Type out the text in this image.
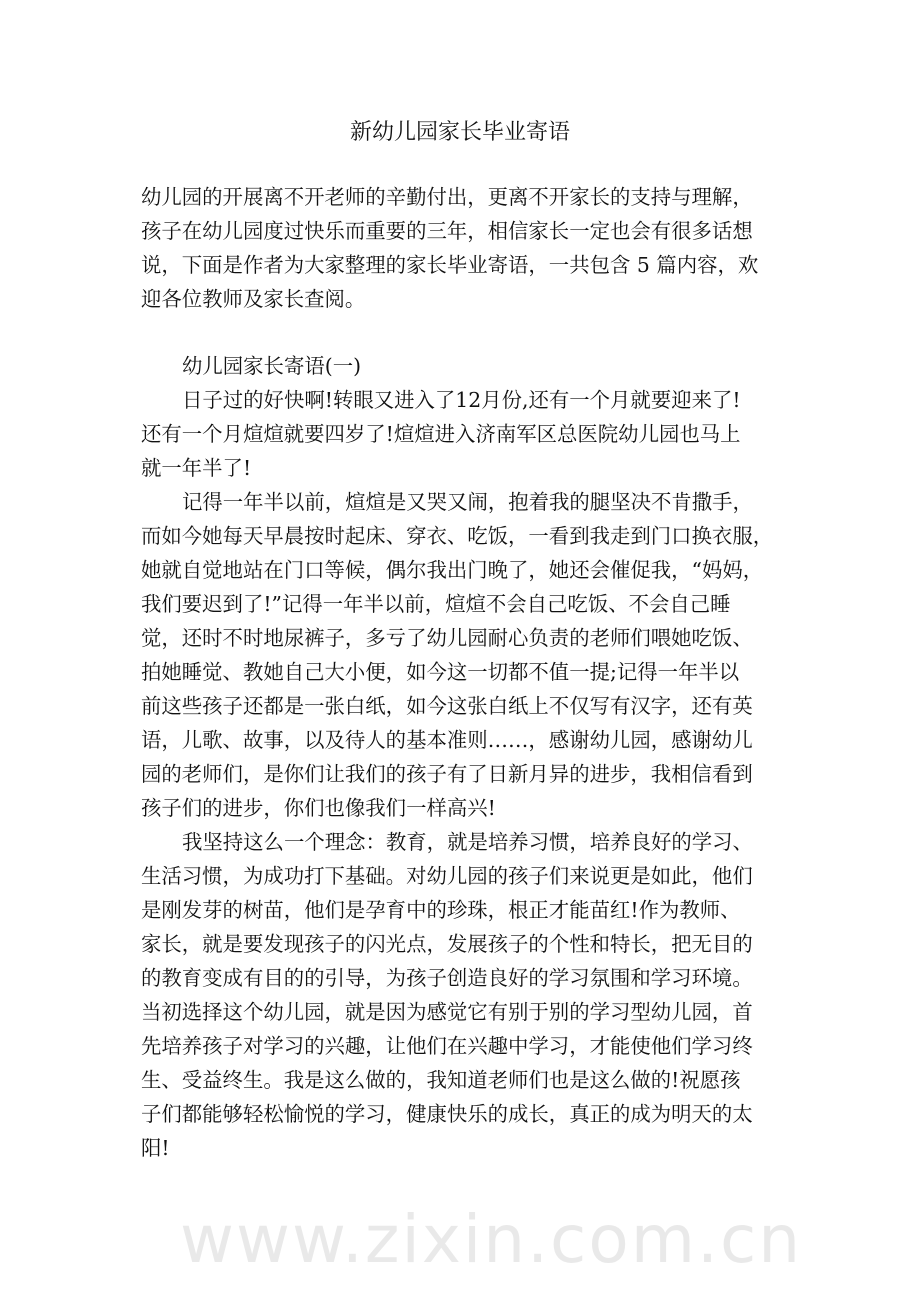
新幼儿园家长毕业寄语
幼儿园的开展离不开老师的辛勤付出，更离不开家长的支持与理解，
孩子在幼儿园度过快乐而重要的三年，相信家长一定也会有很多话想
说，下面是作者为大家整理的家长毕业寄语，一共包含 5 篇内容，欢
迎各位教师及家长查阅。
幼儿园家长寄语(一)
日子过的好快啊!转眼又进入了12月份,还有一个月就要迎来了!
还有一个月煊煊就要四岁了!煊煊进入济南军区总医院幼儿园也马上
就一年半了!
记得一年半以前，煊煊是又哭又闹，抱着我的腿坚决不肯撒手，
而如今她每天早晨按时起床、穿衣、吃饭，一看到我走到门口换衣服，
她就自觉地站在门口等候，偶尔我出门晚了，她还会催促我，“妈妈，
我们要迟到了!”记得一年半以前，煊煊不会自己吃饭、不会自己睡
觉，还时不时地尿裤子，多亏了幼儿园耐心负责的老师们喂她吃饭、
拍她睡觉、教她自己大小便，如今这一切都不值一提;记得一年半以
前这些孩子还都是一张白纸，如今这张白纸上不仅写有汉字，还有英
语，儿歌、故事，以及待人的基本准则……，感谢幼儿园，感谢幼儿
园的老师们，是你们让我们的孩子有了日新月异的进步，我相信看到
孩子们的进步，你们也像我们一样高兴!
我坚持这么一个理念：教育，就是培养习惯，培养良好的学习、
生活习惯，为成功打下基础。对幼儿园的孩子们来说更是如此，他们
是刚发芽的树苗，他们是孕育中的珍珠，根正才能苗红!作为教师、
家长，就是要发现孩子的闪光点，发展孩子的个性和特长，把无目的
的教育变成有目的的引导，为孩子创造良好的学习氛围和学习环境。
当初选择这个幼儿园，就是因为感觉它有别于别的学习型幼儿园，首
先培养孩子对学习的兴趣，让他们在兴趣中学习，才能使他们学习终
生、受益终生。我是这么做的，我知道老师们也是这么做的!祝愿孩
子们都能够轻松愉悦的学习，健康快乐的成长，真正的成为明天的太
阳!
www.zixin.com.cn
